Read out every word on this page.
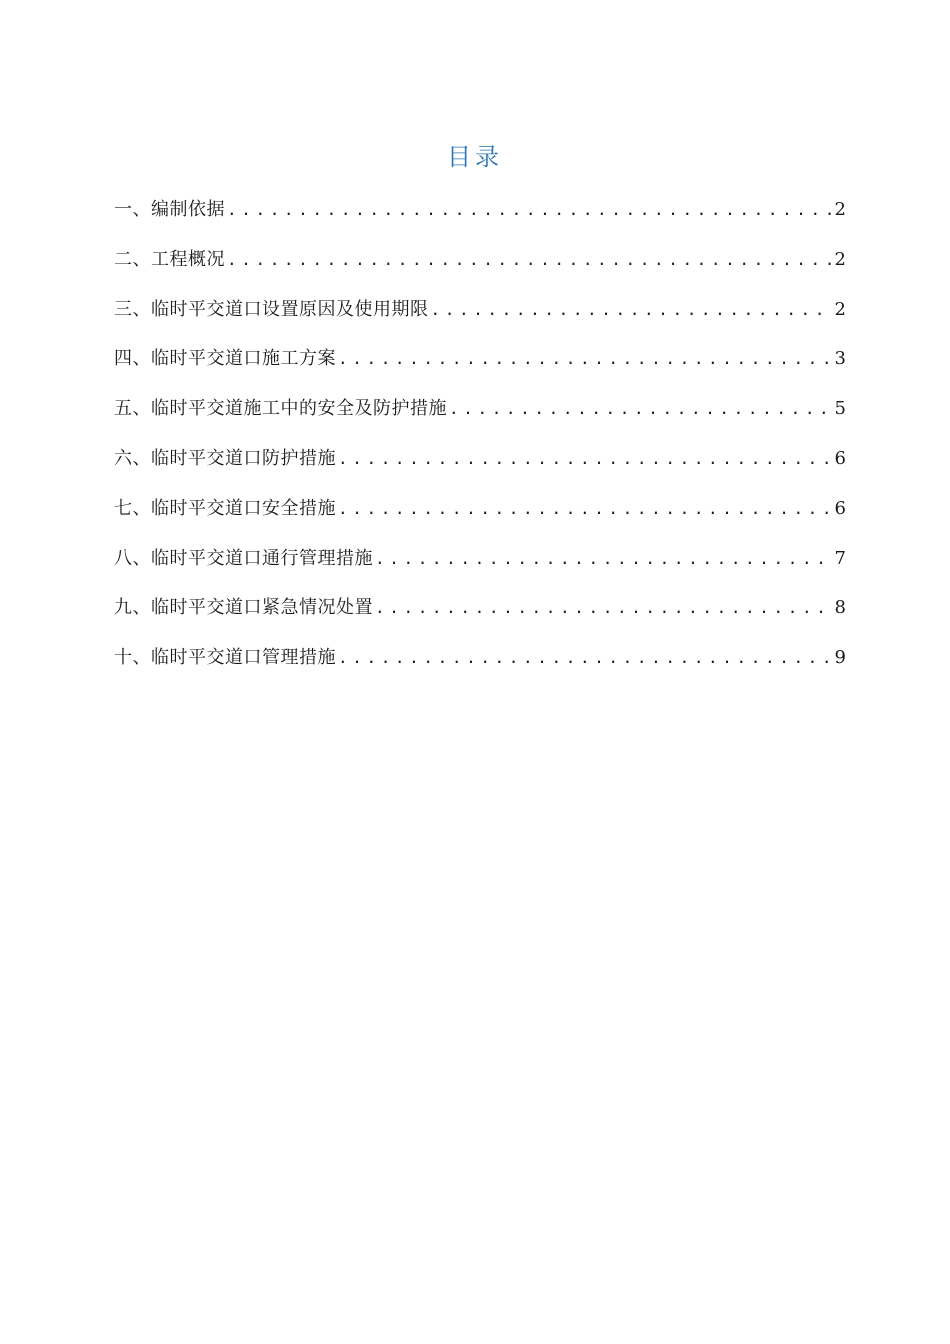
目录
一、编制依据 .....	2
二、工程概况 .....	2
三、临时平交道口设置原因及使用期限 .....	2
四、临时平交道口施工方案 .....	3
五、临时平交道施工中的安全及防护措施 .....	5
六、临时平交道口防护措施 .....	6
七、临时平交道口安全措施 .....	6
八、临时平交道口通行管理措施 .....	7
九、临时平交道口紧急情况处置 .....	8
十、临时平交道口管理措施 .....	9
